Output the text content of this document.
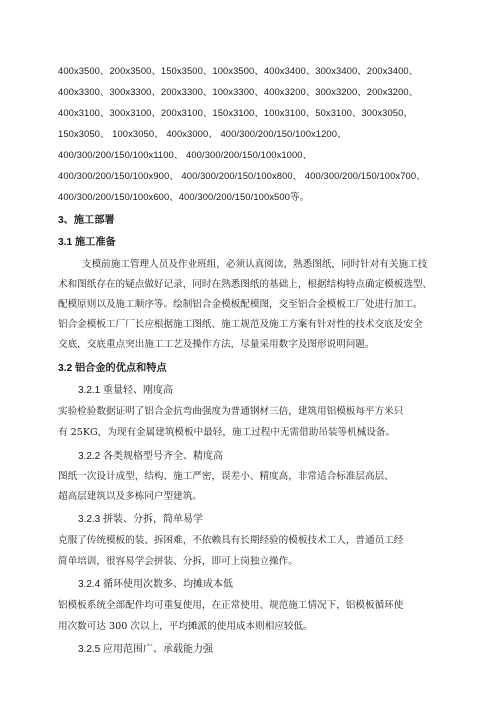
400x3500、200x3500、150x3500、100x3500、400x3400、300x3400、200x3400、
400x3300、300x3300、200x3300、100x3300、400x3200、300x3200、200x3200、
400x3100、300x3100、200x3100、150x3100、100x3100、50x3100、300x3050、
150x3050、 100x3050、 400x3000、 400/300/200/150/100x1200、
400/300/200/150/100x1100、 400/300/200/150/100x1000、
400/300/200/150/100x900、 400/300/200/150/100x800、 400/300/200/150/100x700、
400/300/200/150/100x600、400/300/200/150/100x500等。
3、施工部署
3.1 施工准备
支模前施工管理人员及作业班组，必须认真阅读，熟悉图纸，同时针对有关施工技
术和图纸存在的疑点做好记录，同时在熟悉图纸的基础上，根据结构特点确定模板选型、
配模原则以及施工顺序等。绘制铝合金模板配模图，交至铝合金模板工厂处进行加工。
铝合金模板工厂厂长应根据施工图纸、施工规范及施工方案有针对性的技术交底及安全
交底，交底重点突出施工工艺及操作方法，尽量采用数字及图形说明问题。
3.2 铝合金的优点和特点
3.2.1 重量轻、刚度高
实验检验数据证明了铝合金抗弯曲强度为普通钢材三倍，建筑用铝模板每平方米只
有 25KG，为现有金属建筑模板中最轻，施工过程中无需借助吊装等机械设备。
3.2.2 各类规格型号齐全、精度高
图纸一次设计成型，结构、施工严密，误差小、精度高，非常适合标准层高层、
超高层建筑以及多栋同户型建筑。
3.2.3 拼装、分拆，简单易学
克服了传统模板的装、拆困难，不依赖具有长期经验的模板技术工人，普通员工经
简单培训，很容易学会拼装、分拆，即可上岗独立操作。
3.2.4 循环使用次数多、均摊成本低
铝模板系统全部配件均可重复使用，在正常使用、规范施工情况下，铝模板循环使
用次数可达 300 次以上，平均摊派的使用成本则相应较低。
3.2.5 应用范围广、承载能力强
